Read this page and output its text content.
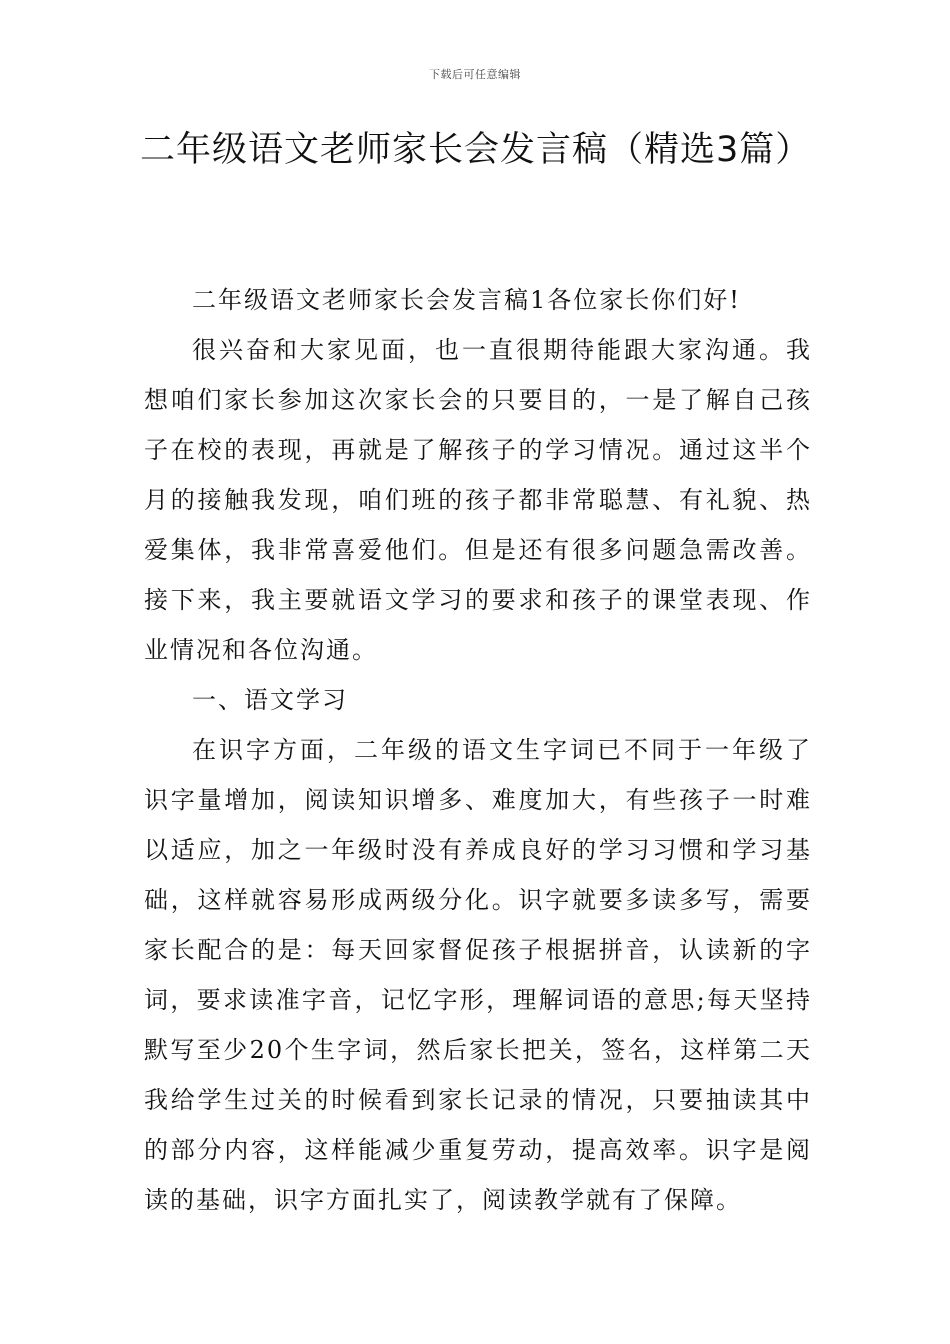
下载后可任意编辑
二年级语文老师家长会发言稿（精选3篇）

二年级语文老师家长会发言稿1各位家长你们好!

很兴奋和大家见面，也一直很期待能跟大家沟通。我想咱们家长参加这次家长会的只要目的，一是了解自己孩子在校的表现，再就是了解孩子的学习情况。通过这半个月的接触我发现，咱们班的孩子都非常聪慧、有礼貌、热爱集体，我非常喜爱他们。但是还有很多问题急需改善。接下来，我主要就语文学习的要求和孩子的课堂表现、作业情况和各位沟通。

一、语文学习

在识字方面，二年级的语文生字词已不同于一年级了识字量增加，阅读知识增多、难度加大，有些孩子一时难以适应，加之一年级时没有养成良好的学习习惯和学习基础，这样就容易形成两级分化。识字就要多读多写，需要家长配合的是：每天回家督促孩子根据拼音，认读新的字词，要求读准字音，记忆字形，理解词语的意思;每天坚持默写至少20个生字词，然后家长把关，签名，这样第二天我给学生过关的时候看到家长记录的情况，只要抽读其中的部分内容，这样能减少重复劳动，提高效率。识字是阅读的基础，识字方面扎实了，阅读教学就有了保障。
